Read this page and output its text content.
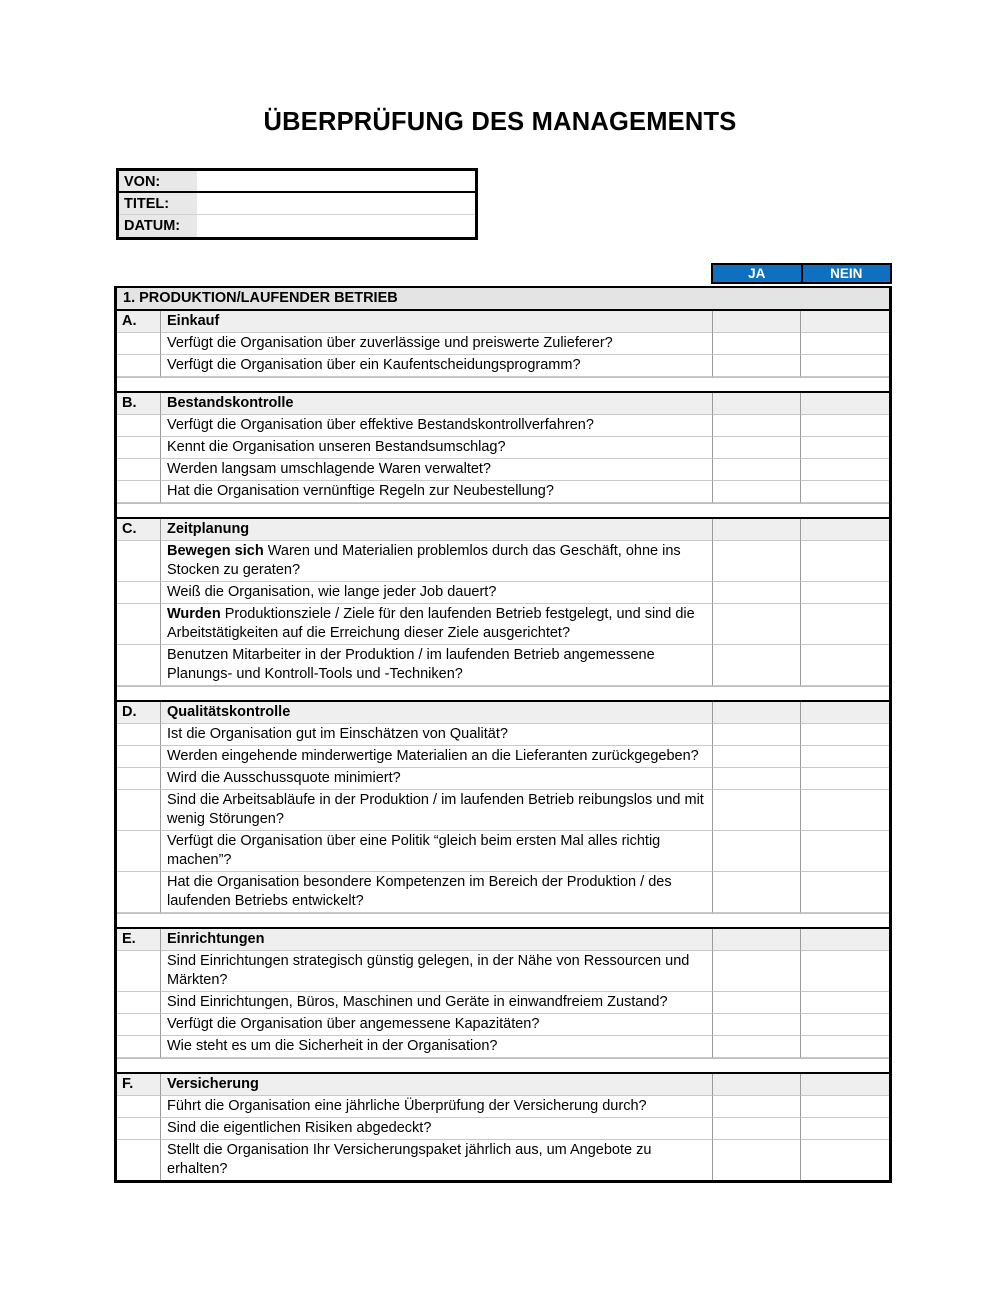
ÜBERPRÜFUNG DES MANAGEMENTS
VON:
TITEL:
DATUM:
JA	NEIN
1. PRODUKTION/LAUFENDER BETRIEB
A.	Einkauf
Verfügt die Organisation über zuverlässige und preiswerte Zulieferer?
Verfügt die Organisation über ein Kaufentscheidungsprogramm?
B.	Bestandskontrolle
Verfügt die Organisation über effektive Bestandskontrollverfahren?
Kennt die Organisation unseren Bestandsumschlag?
Werden langsam umschlagende Waren verwaltet?
Hat die Organisation vernünftige Regeln zur Neubestellung?
C.	Zeitplanung
Bewegen sich Waren und Materialien problemlos durch das Geschäft, ohne ins Stocken zu geraten?
Weiß die Organisation, wie lange jeder Job dauert?
Wurden Produktionsziele / Ziele für den laufenden Betrieb festgelegt, und sind die Arbeitstätigkeiten auf die Erreichung dieser Ziele ausgerichtet?
Benutzen Mitarbeiter in der Produktion / im laufenden Betrieb angemessene Planungs- und Kontroll-Tools und -Techniken?
D.	Qualitätskontrolle
Ist die Organisation gut im Einschätzen von Qualität?
Werden eingehende minderwertige Materialien an die Lieferanten zurückgegeben?
Wird die Ausschussquote minimiert?
Sind die Arbeitsabläufe in der Produktion / im laufenden Betrieb reibungslos und mit wenig Störungen?
Verfügt die Organisation über eine Politik “gleich beim ersten Mal alles richtig machen”?
Hat die Organisation besondere Kompetenzen im Bereich der Produktion / des laufenden Betriebs entwickelt?
E.	Einrichtungen
Sind Einrichtungen strategisch günstig gelegen, in der Nähe von Ressourcen und Märkten?
Sind Einrichtungen, Büros, Maschinen und Geräte in einwandfreiem Zustand?
Verfügt die Organisation über angemessene Kapazitäten?
Wie steht es um die Sicherheit in der Organisation?
F.	Versicherung
Führt die Organisation eine jährliche Überprüfung der Versicherung durch?
Sind die eigentlichen Risiken abgedeckt?
Stellt die Organisation Ihr Versicherungspaket jährlich aus, um Angebote zu erhalten?
